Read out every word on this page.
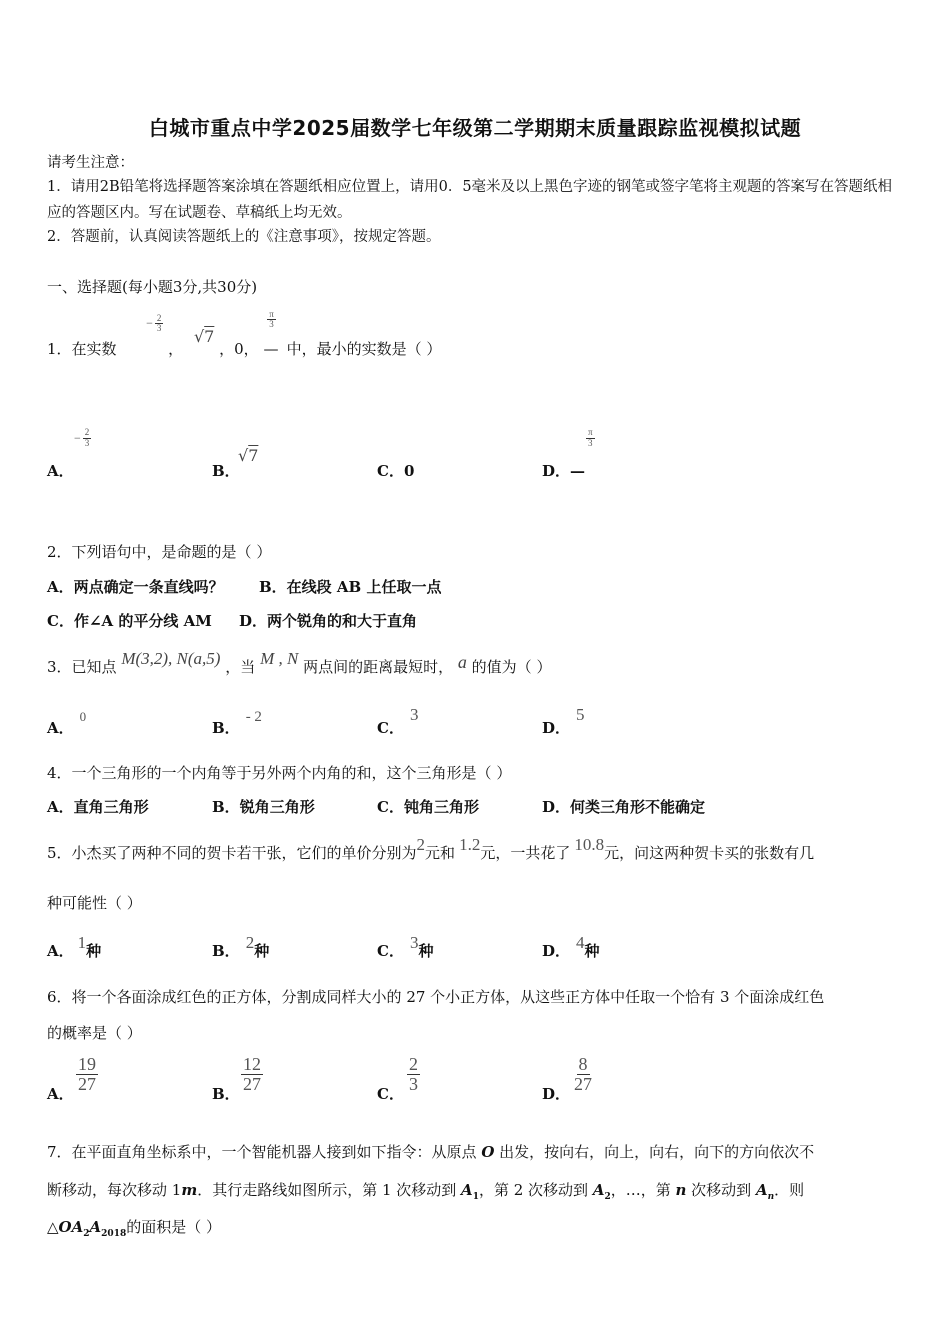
白城市重点中学2025届数学七年级第二学期期末质量跟踪监视模拟试题
请考生注意：
1．请用2B铅笔将选择题答案涂填在答题纸相应位置上，请用0．5毫米及以上黑色字迹的钢笔或签字笔将主观题的答案写在答题纸相应的答题区内。写在试题卷、草稿纸上均无效。
2．答题前，认真阅读答题纸上的《注意事项》，按规定答题。
一、选择题(每小题3分,共30分)
1．在实数
− $\frac{2}{3}$
， √7 ，0， —
$\frac{\pi}{3}$
中，最小的实数是（ ）
A．
− $\frac{2}{3}$
B．
√7
C．0	D．—
$\frac{\pi}{3}$
2．下列语句中，是命题的是（ ）
A．两点确定一条直线吗？ B．在线段 AB 上任取一点
C．作∠A 的平分线 AM D．两个锐角的和大于直角
3．已知点 M(3,2), N(a,5) ，当 M , N 两点间的距离最短时， a 的值为（ ）
A．0
B．- 2
C．3
D．5
4．一个三角形的一个内角等于另外两个内角的和，这个三角形是（ ）
A．直角三角形	B．锐角三角形	C．钝角三角形	D．何类三角形不能确定
5．小杰买了两种不同的贺卡若干张，它们的单价分别为2元和 1.2元，一共花了 10.8元，问这两种贺卡买的张数有几
种可能性（ ）
A． 1种	B． 2种	C． 3种	D． 4种
6．将一个各面涂成红色的正方体，分割成同样大小的 27 个小正方体，从这些正方体中任取一个恰有 3 个面涂成红色
的概率是（ ）
A． $\frac{19}{27}$	B． $\frac{12}{27}$	C． $\frac{2}{3}$	D． $\frac{8}{27}$
7．在平面直角坐标系中，一个智能机器人接到如下指令：从原点 O 出发，按向右，向上，向右，向下的方向依次不
断移动，每次移动 1m．其行走路线如图所示，第 1 次移动到 $A_1$，第 2 次移动到 $A_2$，…，第 n 次移动到 $A_n$．则
$\triangle OA_2A_{2018}$的面积是（ ）
